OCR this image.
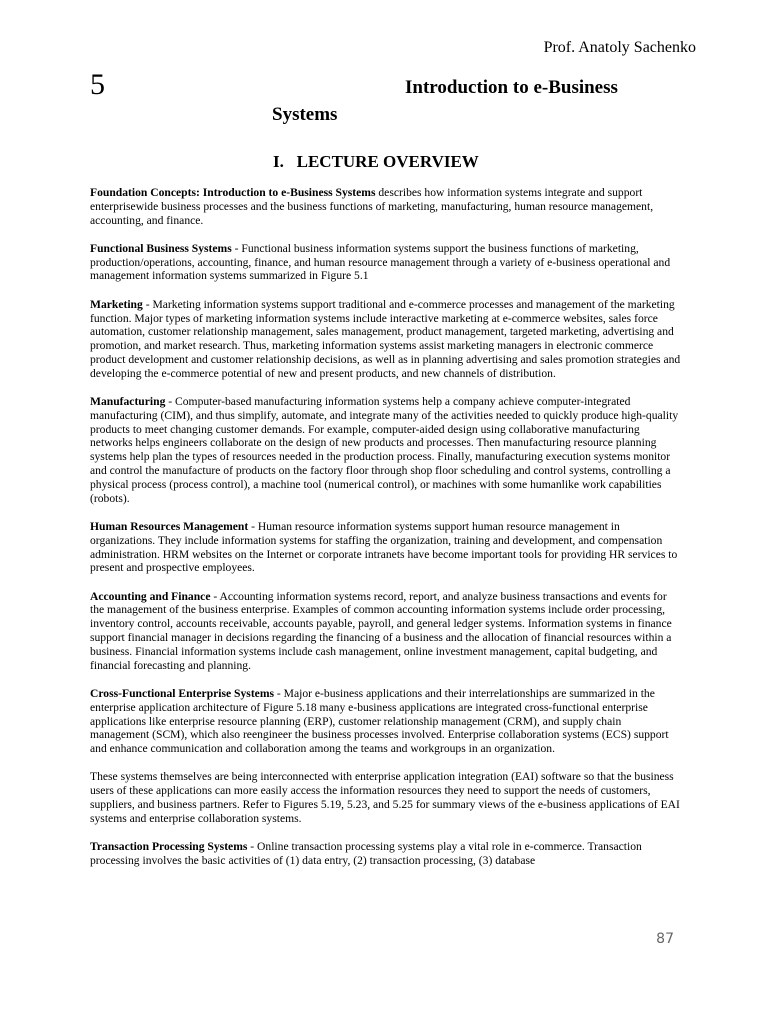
Prof. Anatoly Sachenko
5	Introduction to e-Business
Systems
I.   LECTURE OVERVIEW

Foundation Concepts: Introduction to e-Business Systems describes how information systems integrate and support enterprisewide business processes and the business functions of marketing, manufacturing, human resource management, accounting, and finance.

Functional Business Systems - Functional business information systems support the business functions of marketing, production/operations, accounting, finance, and human resource management through a variety of e-business operational and management information systems summarized in Figure 5.1

Marketing - Marketing information systems support traditional and e-commerce processes and management of the marketing function. Major types of marketing information systems include interactive marketing at e-commerce websites, sales force automation, customer relationship management, sales management, product management, targeted marketing, advertising and promotion, and market research. Thus, marketing information systems assist marketing managers in electronic commerce product development and customer relationship decisions, as well as in planning advertising and sales promotion strategies and developing the e-commerce potential of new and present products, and new channels of distribution.

Manufacturing - Computer-based manufacturing information systems help a company achieve computer-integrated manufacturing (CIM), and thus simplify, automate, and integrate many of the activities needed to quickly produce high-quality products to meet changing customer demands. For example, computer-aided design using collaborative manufacturing networks helps engineers collaborate on the design of new products and processes. Then manufacturing resource planning systems help plan the types of resources needed in the production process. Finally, manufacturing execution systems monitor and control the manufacture of products on the factory floor through shop floor scheduling and control systems, controlling a physical process (process control), a machine tool (numerical control), or machines with some humanlike work capabilities (robots).

Human Resources Management - Human resource information systems support human resource management in organizations. They include information systems for staffing the organization, training and development, and compensation administration. HRM websites on the Internet or corporate intranets have become important tools for providing HR services to present and prospective employees.

Accounting and Finance - Accounting information systems record, report, and analyze business transactions and events for the management of the business enterprise. Examples of common accounting information systems include order processing, inventory control, accounts receivable, accounts payable, payroll, and general ledger systems. Information systems in finance support financial manager in decisions regarding the financing of a business and the allocation of financial resources within a business. Financial information systems include cash management, online investment management, capital budgeting, and financial forecasting and planning.

Cross-Functional Enterprise Systems - Major e-business applications and their interrelationships are summarized in the enterprise application architecture of Figure 5.18 many e-business applications are integrated cross-functional enterprise applications like enterprise resource planning (ERP), customer relationship management (CRM), and supply chain management (SCM), which also reengineer the business processes involved. Enterprise collaboration systems (ECS) support and enhance communication and collaboration among the teams and workgroups in an organization.

These systems themselves are being interconnected with enterprise application integration (EAI) software so that the business users of these applications can more easily access the information resources they need to support the needs of customers, suppliers, and business partners. Refer to Figures 5.19, 5.23, and 5.25 for summary views of the e-business applications of EAI systems and enterprise collaboration systems.

Transaction Processing Systems - Online transaction processing systems play a vital role in e-commerce. Transaction processing involves the basic activities of (1) data entry, (2) transaction processing, (3) database

87
